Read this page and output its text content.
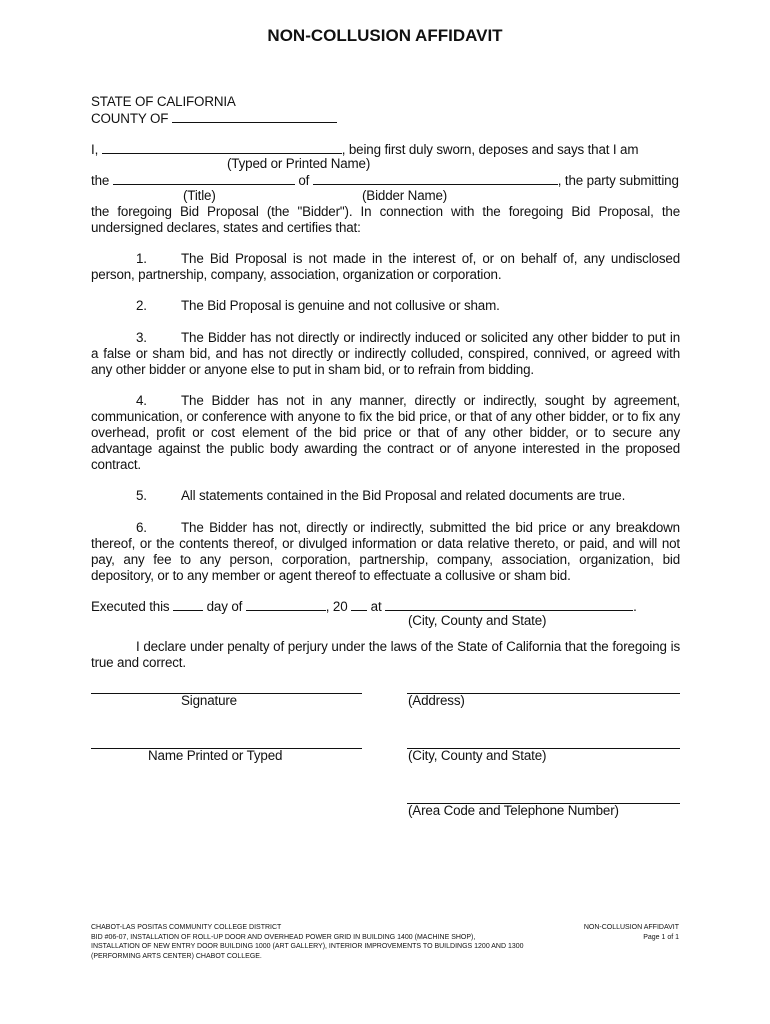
NON-COLLUSION AFFIDAVIT
STATE OF CALIFORNIA
COUNTY OF
I,	, being first duly sworn, deposes and says that I am
(Typed or Printed Name)
the	of	, the party submitting
(Title)	(Bidder Name)
the foregoing Bid Proposal (the "Bidder"). In connection with the foregoing Bid Proposal, the undersigned declares, states and certifies that:
1.	The Bid Proposal is not made in the interest of, or on behalf of, any undisclosed person, partnership, company, association, organization or corporation.
2.	The Bid Proposal is genuine and not collusive or sham.
3.	The Bidder has not directly or indirectly induced or solicited any other bidder to put in a false or sham bid, and has not directly or indirectly colluded, conspired, connived, or agreed with any other bidder or anyone else to put in sham bid, or to refrain from bidding.
4.	The Bidder has not in any manner, directly or indirectly, sought by agreement, communication, or conference with anyone to fix the bid price, or that of any other bidder, or to fix any overhead, profit or cost element of the bid price or that of any other bidder, or to secure any advantage against the public body awarding the contract or of anyone interested in the proposed contract.
5.	All statements contained in the Bid Proposal and related documents are true.
6.	The Bidder has not, directly or indirectly, submitted the bid price or any breakdown thereof, or the contents thereof, or divulged information or data relative thereto, or paid, and will not pay, any fee to any person, corporation, partnership, company, association, organization, bid depository, or to any member or agent thereof to effectuate a collusive or sham bid.
Executed this	day of	, 20 at	.
(City, County and State)
I declare under penalty of perjury under the laws of the State of California that the foregoing is true and correct.
Signature	(Address)
Name Printed or Typed	(City, County and State)
(Area Code and Telephone Number)
CHABOT-LAS POSITAS COMMUNITY COLLEGE DISTRICT
BID #06-07, INSTALLATION OF ROLL-UP DOOR AND OVERHEAD POWER GRID IN BUILDING 1400 (MACHINE SHOP),
INSTALLATION OF NEW ENTRY DOOR BUILDING 1000 (ART GALLERY), INTERIOR IMPROVEMENTS TO BUILDINGS 1200 AND 1300
(PERFORMING ARTS CENTER) CHABOT COLLEGE.
NON-COLLUSION AFFIDAVIT
Page 1 of 1
